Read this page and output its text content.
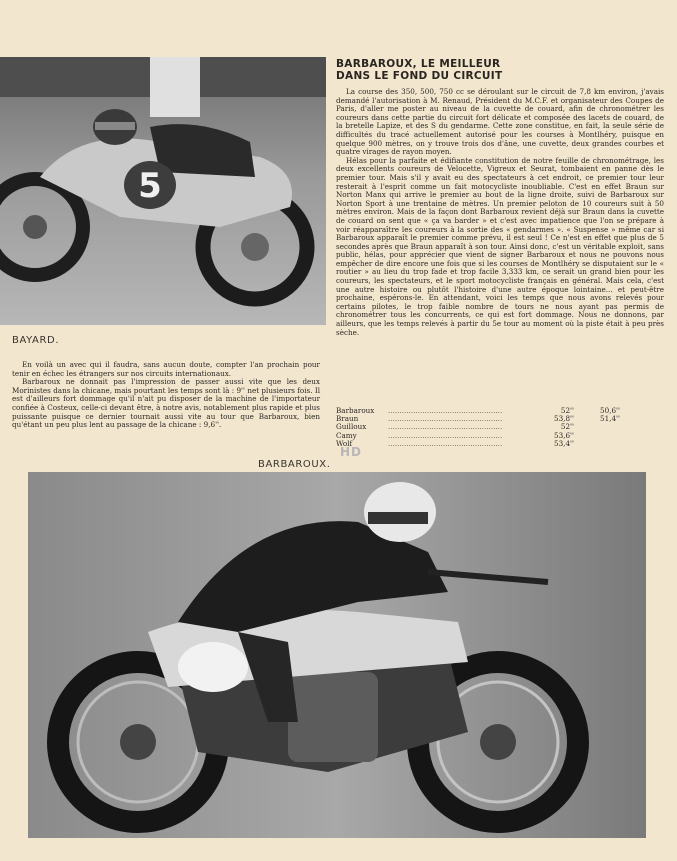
5
BAYARD.
BARBAROUX, LE MEILLEUR
DANS LE FOND DU CIRCUIT

La course des 350, 500, 750 cc se déroulant sur le circuit de 7,8 km environ, j'avais demandé l'autorisation à M. Renaud, Président du M.C.F. et organisateur des Coupes de Paris, d'aller me poster au niveau de la cuvette de couard, afin de chronométrer les coureurs dans cette partie du circuit fort délicate et composée des lacets de couard, de la bretelle Lapize, et des S du gendarme. Cette zone constitue, en fait, la seule série de difficultés du tracé actuellement autorisé pour les courses à Montlhéry, puisque en quelque 900 mètres, on y trouve trois dos d'âne, une cuvette, deux grandes courbes et quatre virages de rayon moyen.

Hélas pour la parfaite et édifiante constitution de notre feuille de chronométrage, les deux excellents coureurs de Velocette, Vigreux et Seurat, tombaient en panne dès le premier tour. Mais s'il y avait eu des spectateurs à cet endroit, ce premier tour leur resterait à l'esprit comme un fait motocycliste inoubliable. C'est en effet Braun sur Norton Manx qui arrive le premier au bout de la ligne droite, suivi de Barbaroux sur Norton Sport à une trentaine de mètres. Un premier peloton de 10 coureurs suit à 50 mètres environ. Mais de la façon dont Barbaroux revient déjà sur Braun dans la cuvette de couard on sent que « ça va barder » et c'est avec impatience que l'on se prépare à voir réapparaître les coureurs à la sortie des « gendarmes ». « Suspense » même car si Barbaroux apparaît le premier comme prévu, il est seul ! Ce n'est en effet que plus de 5 secondes après que Braun apparaît à son tour. Ainsi donc, c'est un véritable exploit, sans public, hélas, pour apprécier que vient de signer Barbaroux et nous ne pouvons nous empêcher de dire encore une fois que si les courses de Montlhéry se disputaient sur le « routier » au lieu du trop fade et trop facile 3,333 km, ce serait un grand bien pour les coureurs, les spectateurs, et le sport motocycliste français en général. Mais cela, c'est une autre histoire ou plutôt l'histoire d'une autre époque lointaine... et peut-être prochaine, espérons-le. En attendant, voici les temps que nous avons relevés pour certains pilotes, le trop faible nombre de tours ne nous ayant pas permis de chronométrer tous les concurrents, ce qui est fort dommage. Nous ne donnons, par ailleurs, que les temps relevés à partir du 5e tour au moment où la piste était à peu près sèche.

En voilà un avec qui il faudra, sans aucun doute, compter l'an prochain pour tenir en échec les étrangers sur nos circuits internationaux.

Barbaroux ne donnait pas l'impression de passer aussi vite que les deux Morinistes dans la chicane, mais pourtant les temps sont là : 9'' net plusieurs fois. Il est d'ailleurs fort dommage qu'il n'ait pu disposer de la machine de l'importateur confiée à Costeux, celle-ci devant être, à notre avis, notablement plus rapide et plus puissante puisque ce dernier tournait aussi vite au tour que Barbaroux, bien qu'étant un peu plus lent au passage de la chicane : 9,6''.

Barbaroux	..................................................	52''	50,6''
Braun	..................................................	53,8''	51,4''
Guilloux	..................................................	52''
Camy	..................................................	53,6''
Wolf	..................................................	53,4''
HD
BARBAROUX.
